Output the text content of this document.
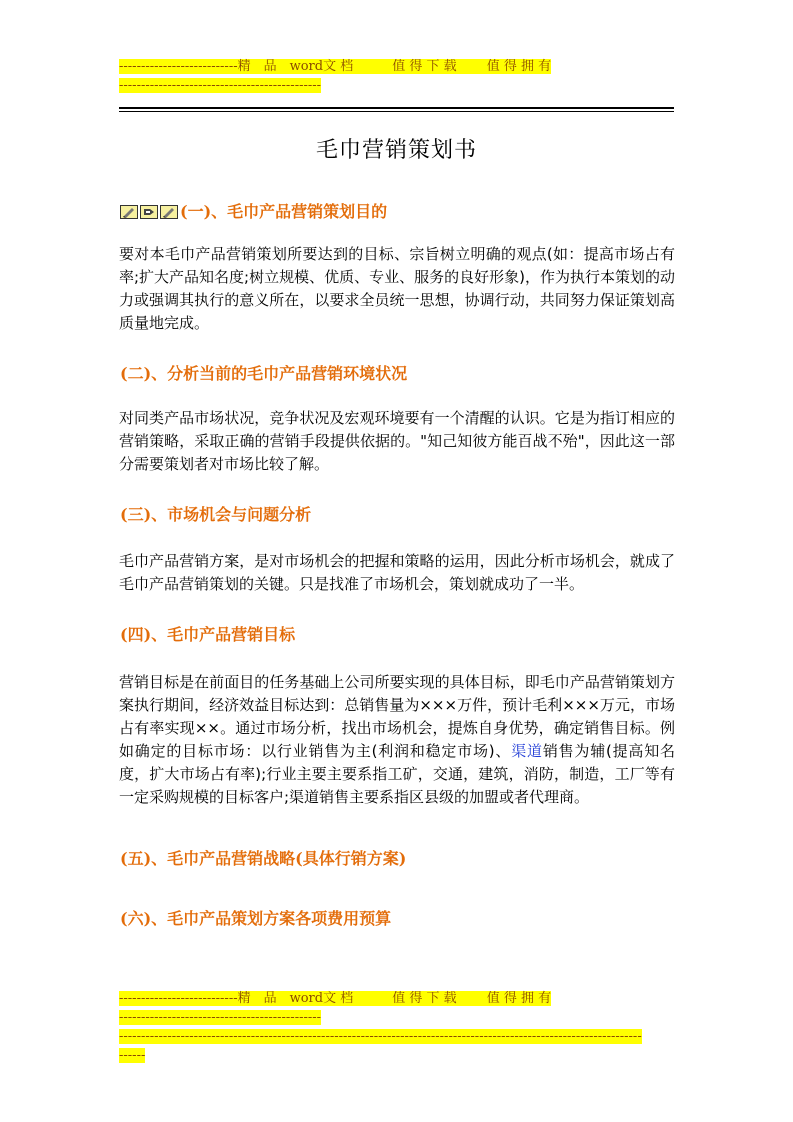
---------------------------精　品　word文 档　　　值 得 下 载　　 值 得 拥 有
----------------------------------------------
毛巾营销策划书
(一)、毛巾产品营销策划目的
要对本毛巾产品营销策划所要达到的目标、宗旨树立明确的观点(如：提高市场占有率;扩大产品知名度;树立规模、优质、专业、服务的良好形象)，作为执行本策划的动力或强调其执行的意义所在，以要求全员统一思想，协调行动，共同努力保证策划高质量地完成。
(二)、分析当前的毛巾产品营销环境状况
对同类产品市场状况，竞争状况及宏观环境要有一个清醒的认识。它是为指订相应的营销策略，采取正确的营销手段提供依据的。"知己知彼方能百战不殆"，因此这一部分需要策划者对市场比较了解。
(三)、市场机会与问题分析
毛巾产品营销方案，是对市场机会的把握和策略的运用，因此分析市场机会，就成了毛巾产品营销策划的关键。只是找准了市场机会，策划就成功了一半。
(四)、毛巾产品营销目标
营销目标是在前面目的任务基础上公司所要实现的具体目标，即毛巾产品营销策划方案执行期间，经济效益目标达到：总销售量为×××万件，预计毛利×××万元，市场占有率实现××。通过市场分析，找出市场机会，提炼自身优势，确定销售目标。例如确定的目标市场：以行业销售为主(利润和稳定市场)、渠道销售为辅(提高知名度，扩大市场占有率);行业主要主要系指工矿，交通，建筑，消防，制造，工厂等有一定采购规模的目标客户;渠道销售主要系指区县级的加盟或者代理商。
(五)、毛巾产品营销战略(具体行销方案)
(六)、毛巾产品策划方案各项费用预算
---------------------------精　品　word文 档　　　值 得 下 载　　 值 得 拥 有
----------------------------------------------
-----------------------------------------------------------------------------------------------------------------------
------
